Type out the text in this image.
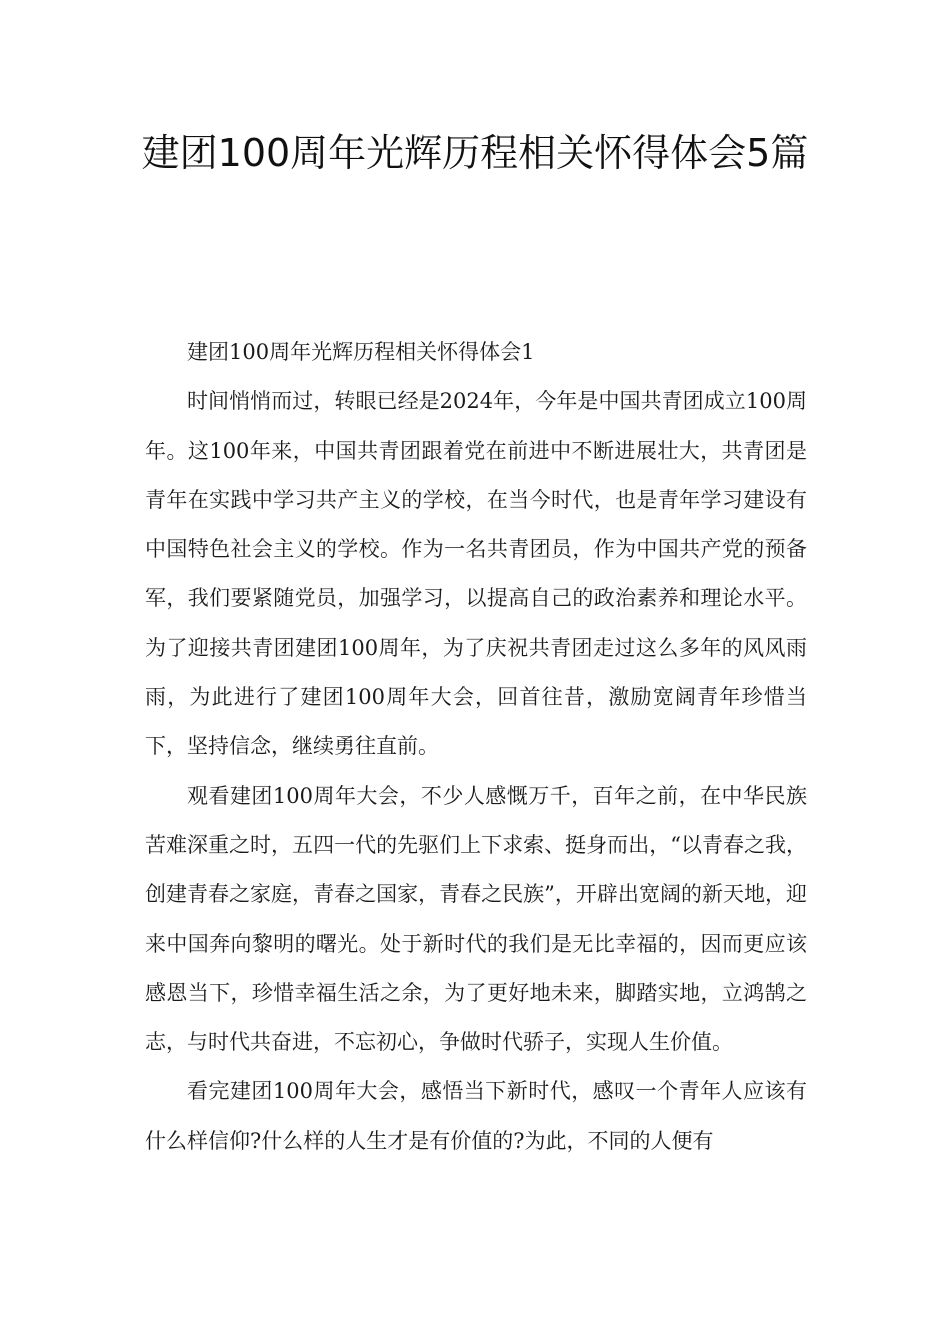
建团100周年光辉历程相关怀得体会5篇

建团100周年光辉历程相关怀得体会1

时间悄悄而过，转眼已经是2024年，今年是中国共青团成立100周年。这100年来，中国共青团跟着党在前进中不断进展壮大，共青团是青年在实践中学习共产主义的学校，在当今时代，也是青年学习建设有中国特色社会主义的学校。作为一名共青团员，作为中国共产党的预备军，我们要紧随党员，加强学习，以提高自己的政治素养和理论水平。为了迎接共青团建团100周年，为了庆祝共青团走过这么多年的风风雨雨，为此进行了建团100周年大会，回首往昔，激励宽阔青年珍惜当下，坚持信念，继续勇往直前。

观看建团100周年大会，不少人感慨万千，百年之前，在中华民族苦难深重之时，五四一代的先驱们上下求索、挺身而出，“以青春之我，创建青春之家庭，青春之国家，青春之民族”，开辟出宽阔的新天地，迎来中国奔向黎明的曙光。处于新时代的我们是无比幸福的，因而更应该感恩当下，珍惜幸福生活之余，为了更好地未来，脚踏实地，立鸿鹄之志，与时代共奋进，不忘初心，争做时代骄子，实现人生价值。

看完建团100周年大会，感悟当下新时代，感叹一个青年人应该有什么样信仰?什么样的人生才是有价值的?为此，不同的人便有
